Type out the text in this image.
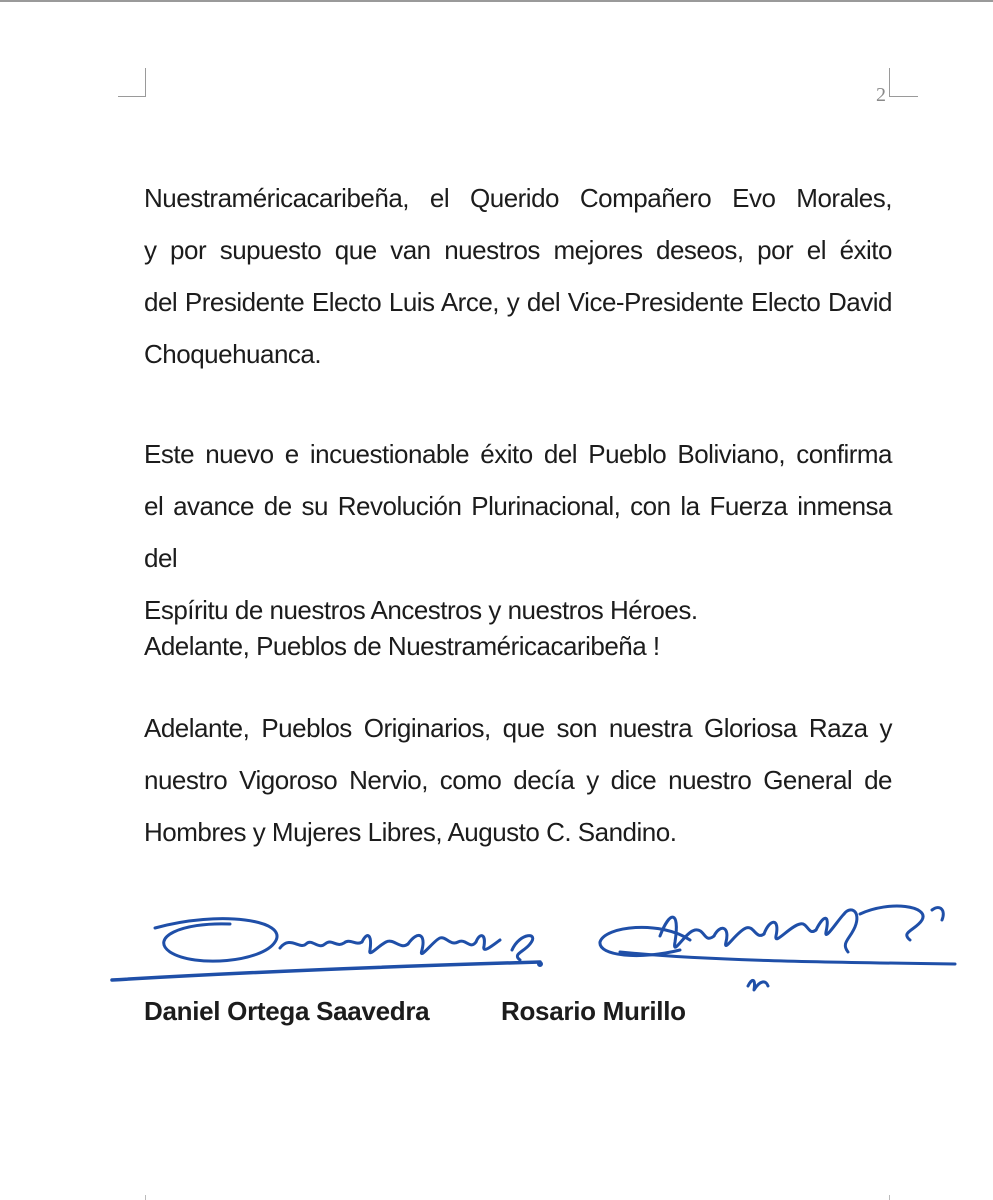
2
Nuestraméricacaribeña, el Querido Compañero Evo Morales,
y por supuesto que van nuestros mejores deseos, por el éxito
del Presidente Electo Luis Arce, y del Vice-Presidente Electo David
Choquehuanca.
Este nuevo e incuestionable éxito del Pueblo Boliviano, confirma
el avance de su Revolución Plurinacional, con la Fuerza inmensa del
Espíritu de nuestros Ancestros y nuestros Héroes.
Adelante, Pueblos de Nuestraméricacaribeña !
Adelante, Pueblos Originarios, que son nuestra Gloriosa Raza y
nuestro Vigoroso Nervio, como decía y dice nuestro General de
Hombres y Mujeres Libres, Augusto C. Sandino.
Daniel Ortega Saavedra	Rosario Murillo
